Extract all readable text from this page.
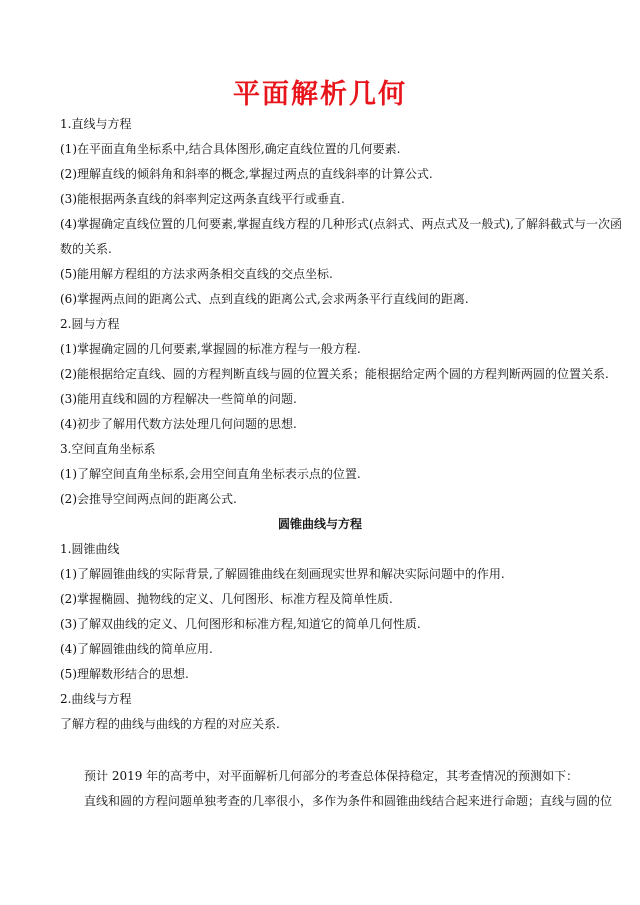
平面解析几何

1.直线与方程

(1)在平面直角坐标系中,结合具体图形,确定直线位置的几何要素.

(2)理解直线的倾斜角和斜率的概念,掌握过两点的直线斜率的计算公式.

(3)能根据两条直线的斜率判定这两条直线平行或垂直.

(4)掌握确定直线位置的几何要素,掌握直线方程的几种形式(点斜式、两点式及一般式),了解斜截式与一次函

数的关系.

(5)能用解方程组的方法求两条相交直线的交点坐标.

(6)掌握两点间的距离公式、点到直线的距离公式,会求两条平行直线间的距离.

2.圆与方程

(1)掌握确定圆的几何要素,掌握圆的标准方程与一般方程.

(2)能根据给定直线、圆的方程判断直线与圆的位置关系；能根据给定两个圆的方程判断两圆的位置关系.

(3)能用直线和圆的方程解决一些简单的问题.

(4)初步了解用代数方法处理几何问题的思想.

3.空间直角坐标系

(1)了解空间直角坐标系,会用空间直角坐标表示点的位置.

(2)会推导空间两点间的距离公式.

圆锥曲线与方程

1.圆锥曲线

(1)了解圆锥曲线的实际背景,了解圆锥曲线在刻画现实世界和解决实际问题中的作用.

(2)掌握椭圆、抛物线的定义、几何图形、标准方程及简单性质.

(3)了解双曲线的定义、几何图形和标准方程,知道它的简单几何性质.

(4)了解圆锥曲线的简单应用.

(5)理解数形结合的思想.

2.曲线与方程

了解方程的曲线与曲线的方程的对应关系.

预计 2019 年的高考中，对平面解析几何部分的考查总体保持稳定，其考查情况的预测如下：

直线和圆的方程问题单独考查的几率很小，多作为条件和圆锥曲线结合起来进行命题；直线与圆的位
